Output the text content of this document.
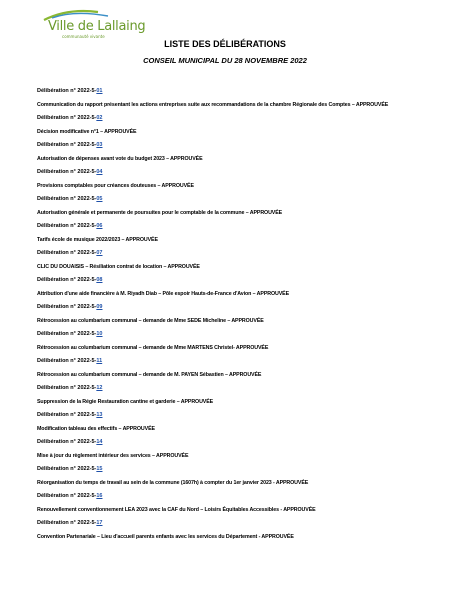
Ville de Lallaing
communauté vivante
LISTE DES DÉLIBÉRATIONS
CONSEIL MUNICIPAL DU 28 NOVEMBRE 2022
Délibération n° 2022-5-01
Communication du rapport présentant les actions entreprises suite aux recommandations de la chambre Régionale des Comptes – APPROUVÉE
Délibération n° 2022-5-02
Décision modificative n°1 – APPROUVÉE
Délibération n° 2022-5-03
Autorisation de dépenses avant vote du budget 2023 – APPROUVÉE
Délibération n° 2022-5-04
Provisions comptables pour créances douteuses – APPROUVÉE
Délibération n° 2022-5-05
Autorisation générale et permanente de poursuites pour le comptable de la commune – APPROUVÉE
Délibération n° 2022-5-06
Tarifs école de musique 2022/2023 – APPROUVÉE
Délibération n° 2022-5-07
CLIC DU DOUAISIS – Résiliation contrat de location – APPROUVÉE
Délibération n° 2022-5-08
Attribution d'une aide financière à M. Riyadh Diab – Pôle espoir Hauts-de-France d'Avion – APPROUVÉE
Délibération n° 2022-5-09
Rétrocession au columbarium communal – demande de Mme SEDE Micheline – APPROUVÉE
Délibération n° 2022-5-10
Rétrocession au columbarium communal – demande de Mme MARTENS Christel- APPROUVÉE
Délibération n° 2022-5-11
Rétrocession au columbarium communal – demande de M. PAYEN Sébastien – APPROUVÉE
Délibération n° 2022-5-12
Suppression de la Régie Restauration cantine et garderie – APPROUVÉE
Délibération n° 2022-5-13
Modification tableau des effectifs – APPROUVÉE
Délibération n° 2022-5-14
Mise à jour du règlement intérieur des services – APPROUVÉE
Délibération n° 2022-5-15
Réorganisation du temps de travail au sein de la commune (1607h) à compter du 1er janvier 2023 - APPROUVÉE
Délibération n° 2022-5-16
Renouvellement conventionnement LEA 2023 avec la CAF du Nord – Loisirs Équitables Accessibles - APPROUVÉE
Délibération n° 2022-5-17
Convention Partenariale – Lieu d'accueil parents enfants avec les services du Département - APPROUVÉE
